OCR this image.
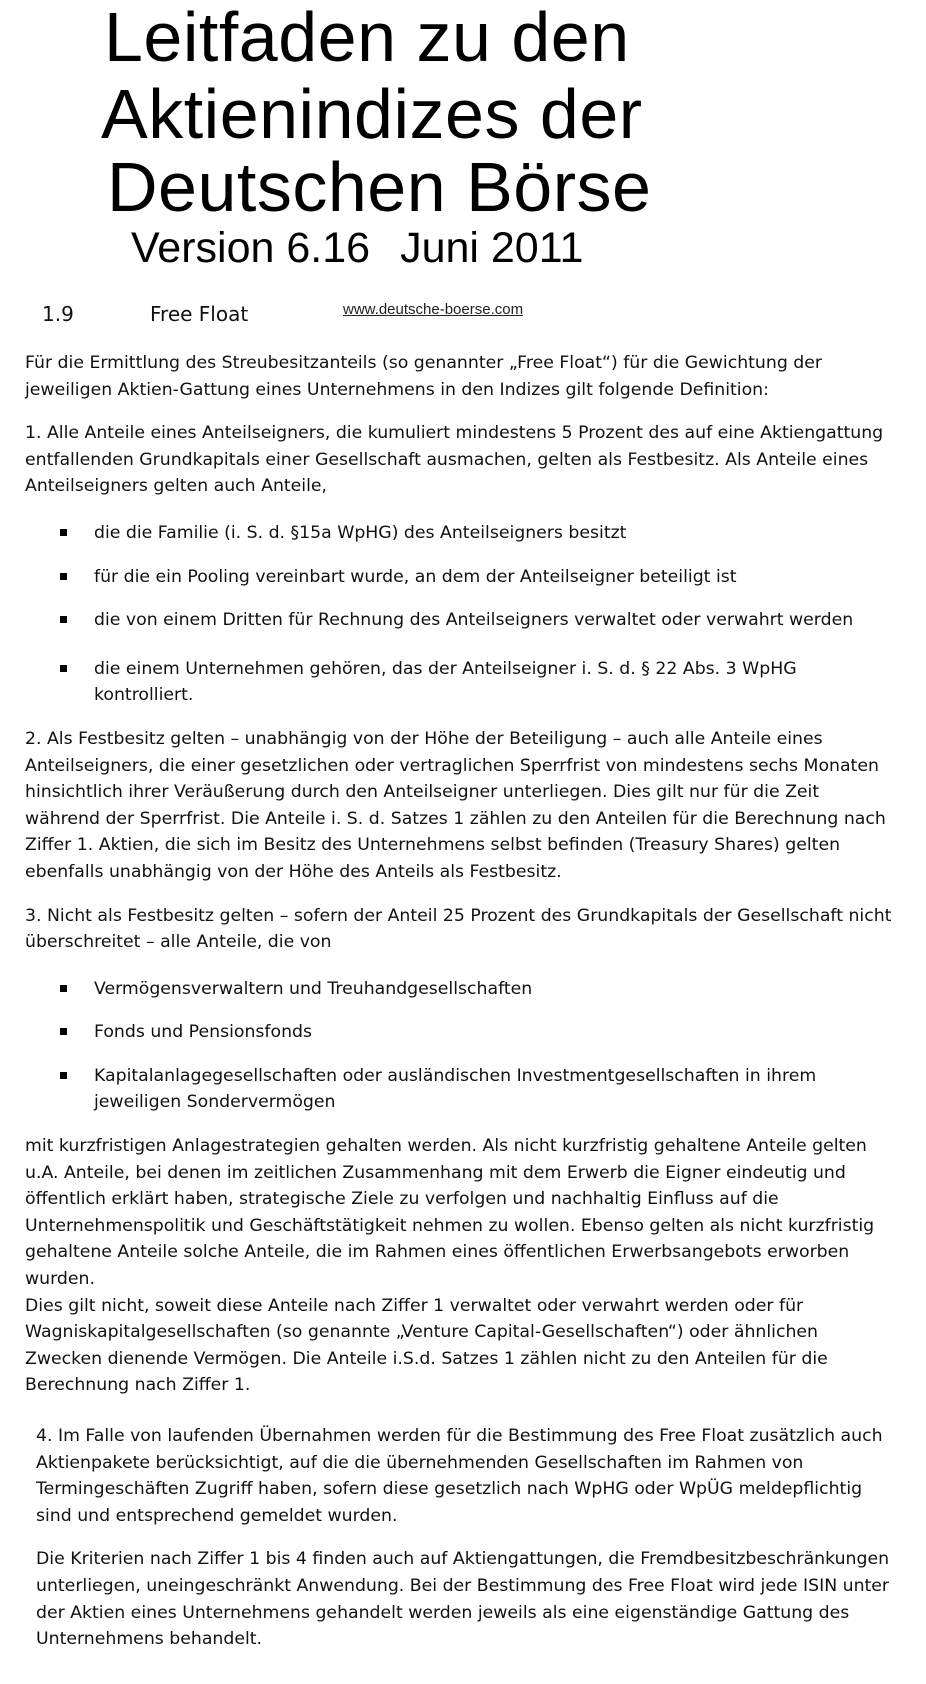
Leitfaden zu den
Aktienindizes der
Deutschen Börse
Version 6.16 Juni 2011
1.9	Free Float	www.deutsche-boerse.com

Für die Ermittlung des Streubesitzanteils (so genannter „Free Float“) für die Gewichtung der jeweiligen Aktien-Gattung eines Unternehmens in den Indizes gilt folgende Definition:

1. Alle Anteile eines Anteilseigners, die kumuliert mindestens 5 Prozent des auf eine Aktiengattung entfallenden Grundkapitals einer Gesellschaft ausmachen, gelten als Festbesitz. Als Anteile eines Anteilseigners gelten auch Anteile,

die die Familie (i. S. d. §15a WpHG) des Anteilseigners besitzt
für die ein Pooling vereinbart wurde, an dem der Anteilseigner beteiligt ist
die von einem Dritten für Rechnung des Anteilseigners verwaltet oder verwahrt werden
die einem Unternehmen gehören, das der Anteilseigner i. S. d. § 22 Abs. 3 WpHG kontrolliert.

2. Als Festbesitz gelten – unabhängig von der Höhe der Beteiligung – auch alle Anteile eines Anteilseigners, die einer gesetzlichen oder vertraglichen Sperrfrist von mindestens sechs Monaten hinsichtlich ihrer Veräußerung durch den Anteilseigner unterliegen. Dies gilt nur für die Zeit während der Sperrfrist. Die Anteile i. S. d. Satzes 1 zählen zu den Anteilen für die Berechnung nach Ziffer 1. Aktien, die sich im Besitz des Unternehmens selbst befinden (Treasury Shares) gelten ebenfalls unabhängig von der Höhe des Anteils als Festbesitz.

3. Nicht als Festbesitz gelten – sofern der Anteil 25 Prozent des Grundkapitals der Gesellschaft nicht überschreitet – alle Anteile, die von

Vermögensverwaltern und Treuhandgesellschaften
Fonds und Pensionsfonds
Kapitalanlagegesellschaften oder ausländischen Investmentgesellschaften in ihrem jeweiligen Sondervermögen

mit kurzfristigen Anlagestrategien gehalten werden. Als nicht kurzfristig gehaltene Anteile gelten u.A. Anteile, bei denen im zeitlichen Zusammenhang mit dem Erwerb die Eigner eindeutig und öffentlich erklärt haben, strategische Ziele zu verfolgen und nachhaltig Einfluss auf die Unternehmenspolitik und Geschäftstätigkeit nehmen zu wollen. Ebenso gelten als nicht kurzfristig gehaltene Anteile solche Anteile, die im Rahmen eines öffentlichen Erwerbsangebots erworben wurden.

Dies gilt nicht, soweit diese Anteile nach Ziffer 1 verwaltet oder verwahrt werden oder für Wagniskapitalgesellschaften (so genannte „Venture Capital-Gesellschaften“) oder ähnlichen Zwecken dienende Vermögen. Die Anteile i.S.d. Satzes 1 zählen nicht zu den Anteilen für die Berechnung nach Ziffer 1.

4. Im Falle von laufenden Übernahmen werden für die Bestimmung des Free Float zusätzlich auch Aktienpakete berücksichtigt, auf die die übernehmenden Gesellschaften im Rahmen von Termingeschäften Zugriff haben, sofern diese gesetzlich nach WpHG oder WpÜG meldepflichtig sind und entsprechend gemeldet wurden.

Die Kriterien nach Ziffer 1 bis 4 finden auch auf Aktiengattungen, die Fremdbesitzbeschränkungen unterliegen, uneingeschränkt Anwendung. Bei der Bestimmung des Free Float wird jede ISIN unter der Aktien eines Unternehmens gehandelt werden jeweils als eine eigenständige Gattung des Unternehmens behandelt.
